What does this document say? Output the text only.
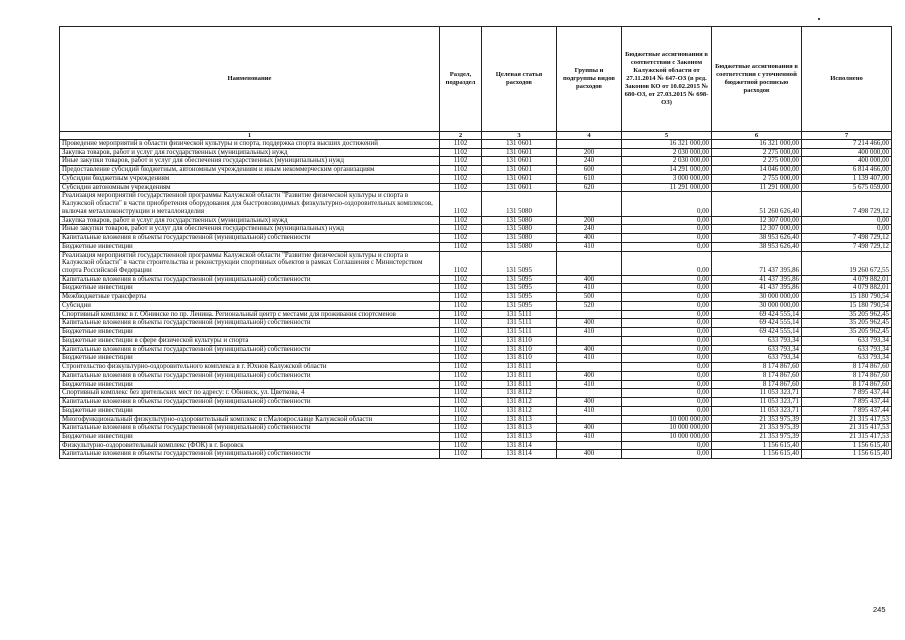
Наименование	Раздел, подраздел	Целевая статья расходов	Группы и подгруппы видов расходов	Бюджетные ассигнования в соответствии с Законом Калужской области от 27.11.2014 № 647-ОЗ (в ред. Законов КО от 10.02.2015 № 680-ОЗ, от 27.03.2015 № 698-ОЗ)	Бюджетные ассигнования в соответствии с уточненной бюджетной росписью расходов	Исполнено
1	2	3	4	5	6	7
Проведение мероприятий в области физической культуры и спорта, поддержка спорта высших достижений	1102	131 0601		16 321 000,00	16 321 000,00	7 214 466,00
Закупка товаров, работ и услуг для государственных (муниципальных) нужд	1102	131 0601	200	2 030 000,00	2 275 000,00	400 000,00
Иные закупки товаров, работ и услуг для обеспечения государственных (муниципальных) нужд	1102	131 0601	240	2 030 000,00	2 275 000,00	400 000,00
Предоставление субсидий бюджетным, автономным учреждениям и иным некоммерческим организациям	1102	131 0601	600	14 291 000,00	14 046 000,00	6 814 466,00
Субсидии бюджетным учреждениям	1102	131 0601	610	3 000 000,00	2 755 000,00	1 139 407,00
Субсидии автономным учреждениям	1102	131 0601	620	11 291 000,00	11 291 000,00	5 675 059,00
Реализация мероприятий государственной программы Калужской области "Развитие физической культуры и спорта в Калужской области" в части приобретения оборудования для быстровозводимых физкультурно-оздоровительных комплексов, включая металлоконструкции и металлоизделия	1102	131 5080		0,00	51 260 626,40	7 498 729,12
Закупка товаров, работ и услуг для государственных (муниципальных) нужд	1102	131 5080	200	0,00	12 307 000,00	0,00
Иные закупки товаров, работ и услуг для обеспечения государственных (муниципальных) нужд	1102	131 5080	240	0,00	12 307 000,00	0,00
Капитальные вложения в объекты государственной (муниципальной) собственности	1102	131 5080	400	0,00	38 953 626,40	7 498 729,12
Бюджетные инвестиции	1102	131 5080	410	0,00	38 953 626,40	7 498 729,12
Реализация мероприятий государственной программы Калужской области "Развитие физической культуры и спорта в Калужской области" в части строительства и реконструкции спортивных объектов в рамках Соглашения с Министерством спорта Российской Федерации	1102	131 5095		0,00	71 437 395,86	19 260 672,55
Капитальные вложения в объекты государственной (муниципальной) собственности	1102	131 5095	400	0,00	41 437 395,86	4 079 882,01
Бюджетные инвестиции	1102	131 5095	410	0,00	41 437 395,86	4 079 882,01
Межбюджетные трансферты	1102	131 5095	500	0,00	30 000 000,00	15 180 790,54
Субсидии	1102	131 5095	520	0,00	30 000 000,00	15 180 790,54
Спортивный комплекс в г. Обнинске по пр. Ленина. Региональный центр с местами для проживания спортсменов	1102	131 5111		0,00	69 424 555,14	35 205 962,45
Капитальные вложения в объекты государственной (муниципальной) собственности	1102	131 5111	400	0,00	69 424 555,14	35 205 962,45
Бюджетные инвестиции	1102	131 5111	410	0,00	69 424 555,14	35 205 962,45
Бюджетные инвестиции в сфере физической культуры и спорта	1102	131 8110		0,00	633 793,34	633 793,34
Капитальные вложения в объекты государственной (муниципальной) собственности	1102	131 8110	400	0,00	633 793,34	633 793,34
Бюджетные инвестиции	1102	131 8110	410	0,00	633 793,34	633 793,34
Строительство физкультурно-оздоровительного комплекса в г. Юхнов Калужской области	1102	131 8111		0,00	8 174 867,60	8 174 867,60
Капитальные вложения в объекты государственной (муниципальной) собственности	1102	131 8111	400	0,00	8 174 867,60	8 174 867,60
Бюджетные инвестиции	1102	131 8111	410	0,00	8 174 867,60	8 174 867,60
Спортивный комплекс без зрительских мест по адресу: г. Обнинск, ул. Цветкова, 4	1102	131 8112		0,00	11 053 323,71	7 895 437,44
Капитальные вложения в объекты государственной (муниципальной) собственности	1102	131 8112	400	0,00	11 053 323,71	7 895 437,44
Бюджетные инвестиции	1102	131 8112	410	0,00	11 053 323,71	7 895 437,44
Многофункциональный физкультурно-оздоровительный комплекс в г.Малоярославце Калужской области	1102	131 8113		10 000 000,00	21 353 975,39	21 315 417,53
Капитальные вложения в объекты государственной (муниципальной) собственности	1102	131 8113	400	10 000 000,00	21 353 975,39	21 315 417,53
Бюджетные инвестиции	1102	131 8113	410	10 000 000,00	21 353 975,39	21 315 417,53
Физкультурно-оздоровительный комплекс (ФОК) в г. Боровск	1102	131 8114		0,00	1 156 615,40	1 156 615,40
Капитальные вложения в объекты государственной (муниципальной) собственности	1102	131 8114	400	0,00	1 156 615,40	1 156 615,40
245
